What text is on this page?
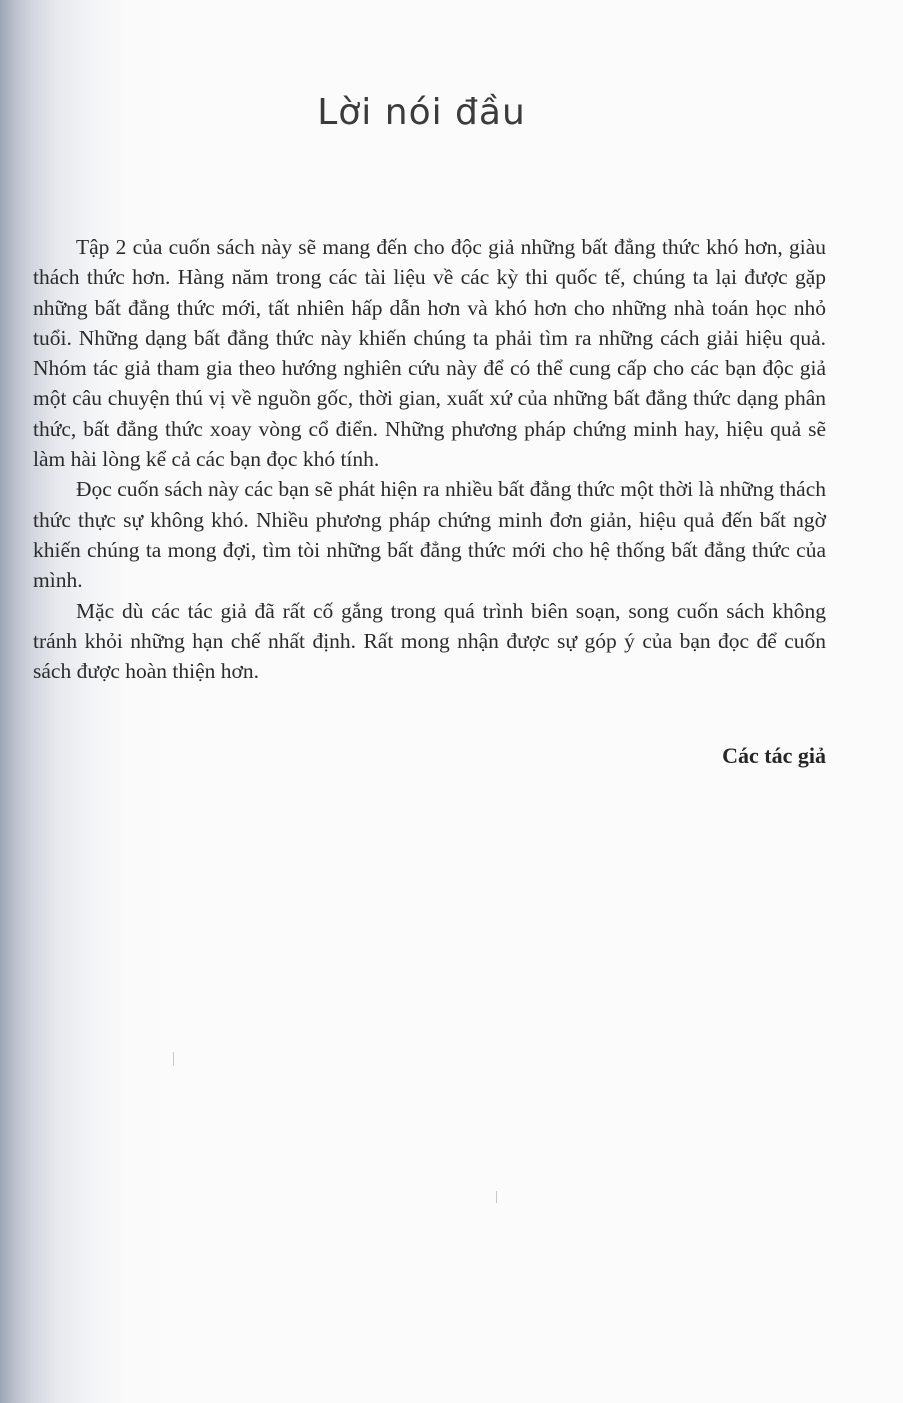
Lời nói đầu

Tập 2 của cuốn sách này sẽ mang đến cho độc giả những bất đẳng thức khó hơn, giàu thách thức hơn. Hàng năm trong các tài liệu về các kỳ thi quốc tế, chúng ta lại được gặp những bất đẳng thức mới, tất nhiên hấp dẫn hơn và khó hơn cho những nhà toán học nhỏ tuổi. Những dạng bất đẳng thức này khiến chúng ta phải tìm ra những cách giải hiệu quả. Nhóm tác giả tham gia theo hướng nghiên cứu này để có thể cung cấp cho các bạn độc giả một câu chuyện thú vị về nguồn gốc, thời gian, xuất xứ của những bất đẳng thức dạng phân thức, bất đẳng thức xoay vòng cổ điển. Những phương pháp chứng minh hay, hiệu quả sẽ làm hài lòng kể cả các bạn đọc khó tính.

Đọc cuốn sách này các bạn sẽ phát hiện ra nhiều bất đẳng thức một thời là những thách thức thực sự không khó. Nhiều phương pháp chứng minh đơn giản, hiệu quả đến bất ngờ khiến chúng ta mong đợi, tìm tòi những bất đẳng thức mới cho hệ thống bất đẳng thức của mình.

Mặc dù các tác giả đã rất cố gắng trong quá trình biên soạn, song cuốn sách không tránh khỏi những hạn chế nhất định. Rất mong nhận được sự góp ý của bạn đọc để cuốn sách được hoàn thiện hơn.

Các tác giả
